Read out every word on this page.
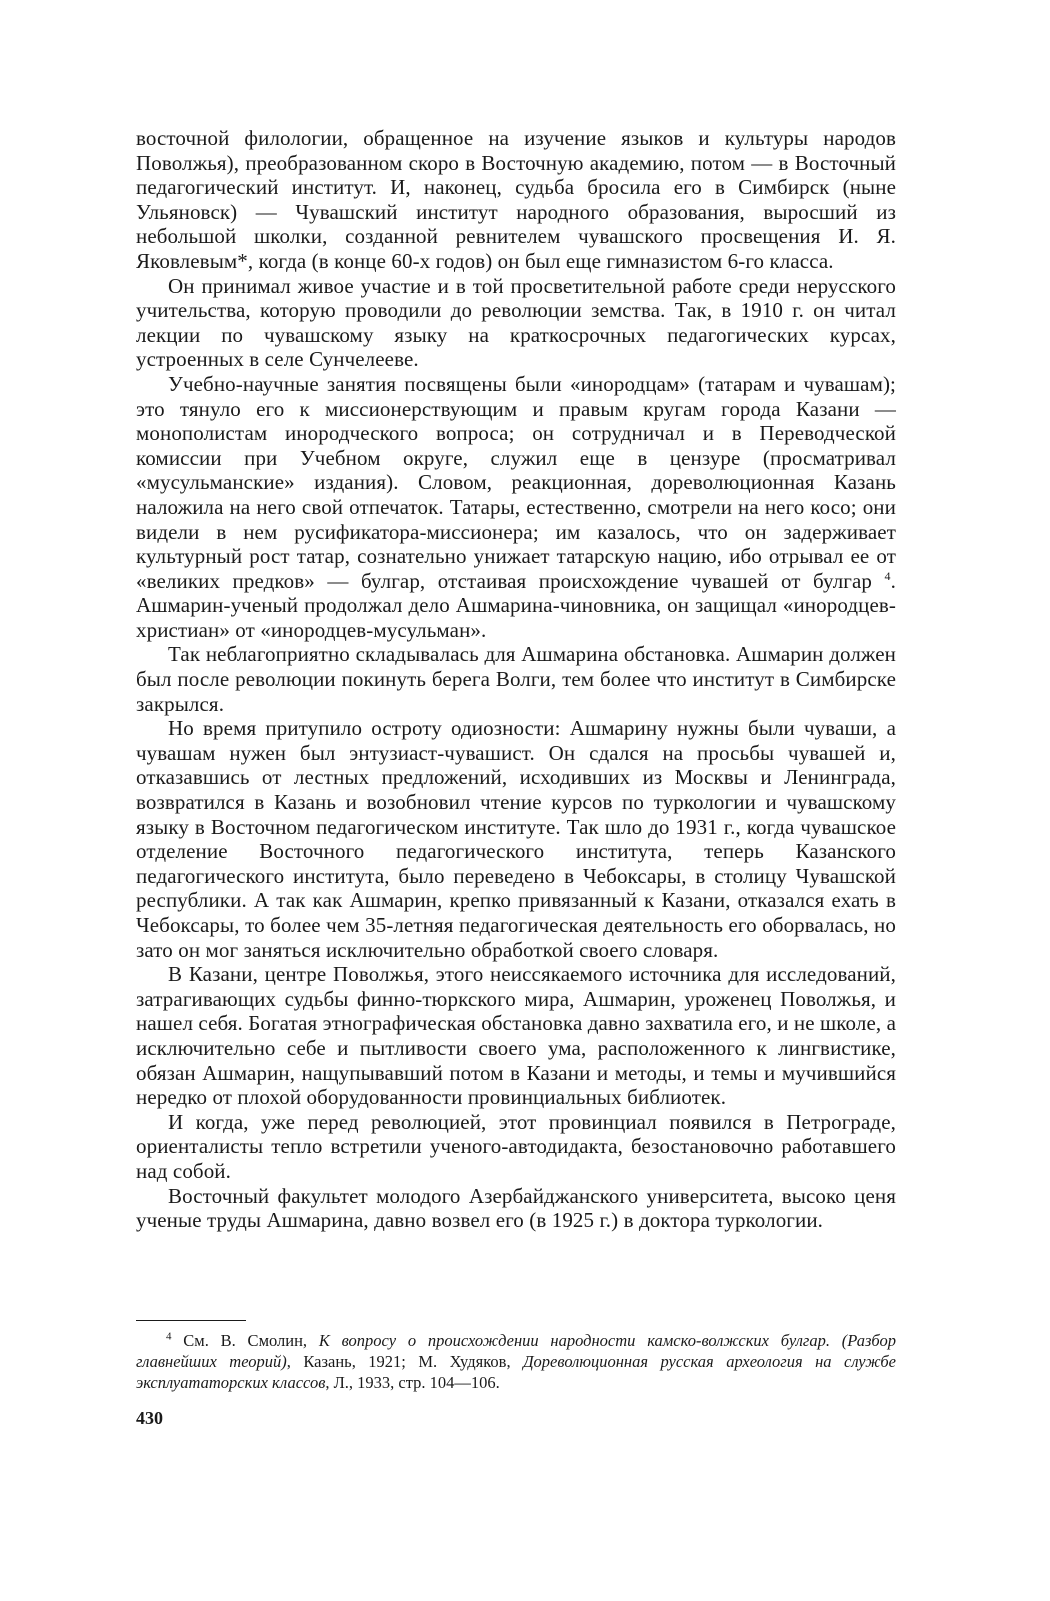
восточной филологии, обращенное на изучение языков и культуры народов Поволжья), преобразованном скоро в Восточную академию, потом — в Восточный педагогический институт. И, наконец, судьба бросила его в Симбирск (ныне Ульяновск) — Чувашский институт народного образования, выросший из небольшой школки, созданной ревнителем чувашского просвещения И. Я. Яковлевым*, когда (в конце 60-х годов) он был еще гимназистом 6-го класса.

Он принимал живое участие и в той просветительной работе среди нерусского учительства, которую проводили до революции земства. Так, в 1910 г. он читал лекции по чувашскому языку на краткосрочных педагогических курсах, устроенных в селе Сунчелееве.

Учебно-научные занятия посвящены были «инородцам» (татарам и чувашам); это тянуло его к миссионерствующим и правым кругам города Казани — монополистам инородческого вопроса; он сотрудничал и в Переводческой комиссии при Учебном округе, служил еще в цензуре (просматривал «мусульманские» издания). Словом, реакционная, дореволюционная Казань наложила на него свой отпечаток. Татары, естественно, смотрели на него косо; они видели в нем русификатора-миссионера; им казалось, что он задерживает культурный рост татар, сознательно унижает татарскую нацию, ибо отрывал ее от «великих предков» — булгар, отстаивая происхождение чувашей от булгар $^4$. Ашмарин-ученый продолжал дело Ашмарина-чиновника, он защищал «инородцев-христиан» от «инородцев-мусульман».

Так неблагоприятно складывалась для Ашмарина обстановка. Ашмарин должен был после революции покинуть берега Волги, тем более что институт в Симбирске закрылся.

Но время притупило остроту одиозности: Ашмарину нужны были чуваши, а чувашам нужен был энтузиаст-чувашист. Он сдался на просьбы чувашей и, отказавшись от лестных предложений, исходивших из Москвы и Ленинграда, возвратился в Казань и возобновил чтение курсов по туркологии и чувашскому языку в Восточном педагогическом институте. Так шло до 1931 г., когда чувашское отделение Восточного педагогического института, теперь Казанского педагогического института, было переведено в Чебоксары, в столицу Чувашской республики. А так как Ашмарин, крепко привязанный к Казани, отказался ехать в Чебоксары, то более чем 35-летняя педагогическая деятельность его оборвалась, но зато он мог заняться исключительно обработкой своего словаря.

В Казани, центре Поволжья, этого неиссякаемого источника для исследований, затрагивающих судьбы финно-тюркского мира, Ашмарин, уроженец Поволжья, и нашел себя. Богатая этнографическая обстановка давно захватила его, и не школе, а исключительно себе и пытливости своего ума, расположенного к лингвистике, обязан Ашмарин, нащупывавший потом в Казани и методы, и темы и мучившийся нередко от плохой оборудованности провинциальных библиотек.

И когда, уже перед революцией, этот провинциал появился в Петрограде, ориенталисты тепло встретили ученого-автодидакта, безостановочно работавшего над собой.

Восточный факультет молодого Азербайджанского университета, высоко ценя ученые труды Ашмарина, давно возвел его (в 1925 г.) в доктора туркологии.

$^4$ См. В. Смолин, К вопросу о происхождении народности камско-волжских булгар. (Разбор главнейших теорий), Казань, 1921; М. Худяков, Дореволюционная русская археология на службе эксплуататорских классов, Л., 1933, стр. 104—106.

430
